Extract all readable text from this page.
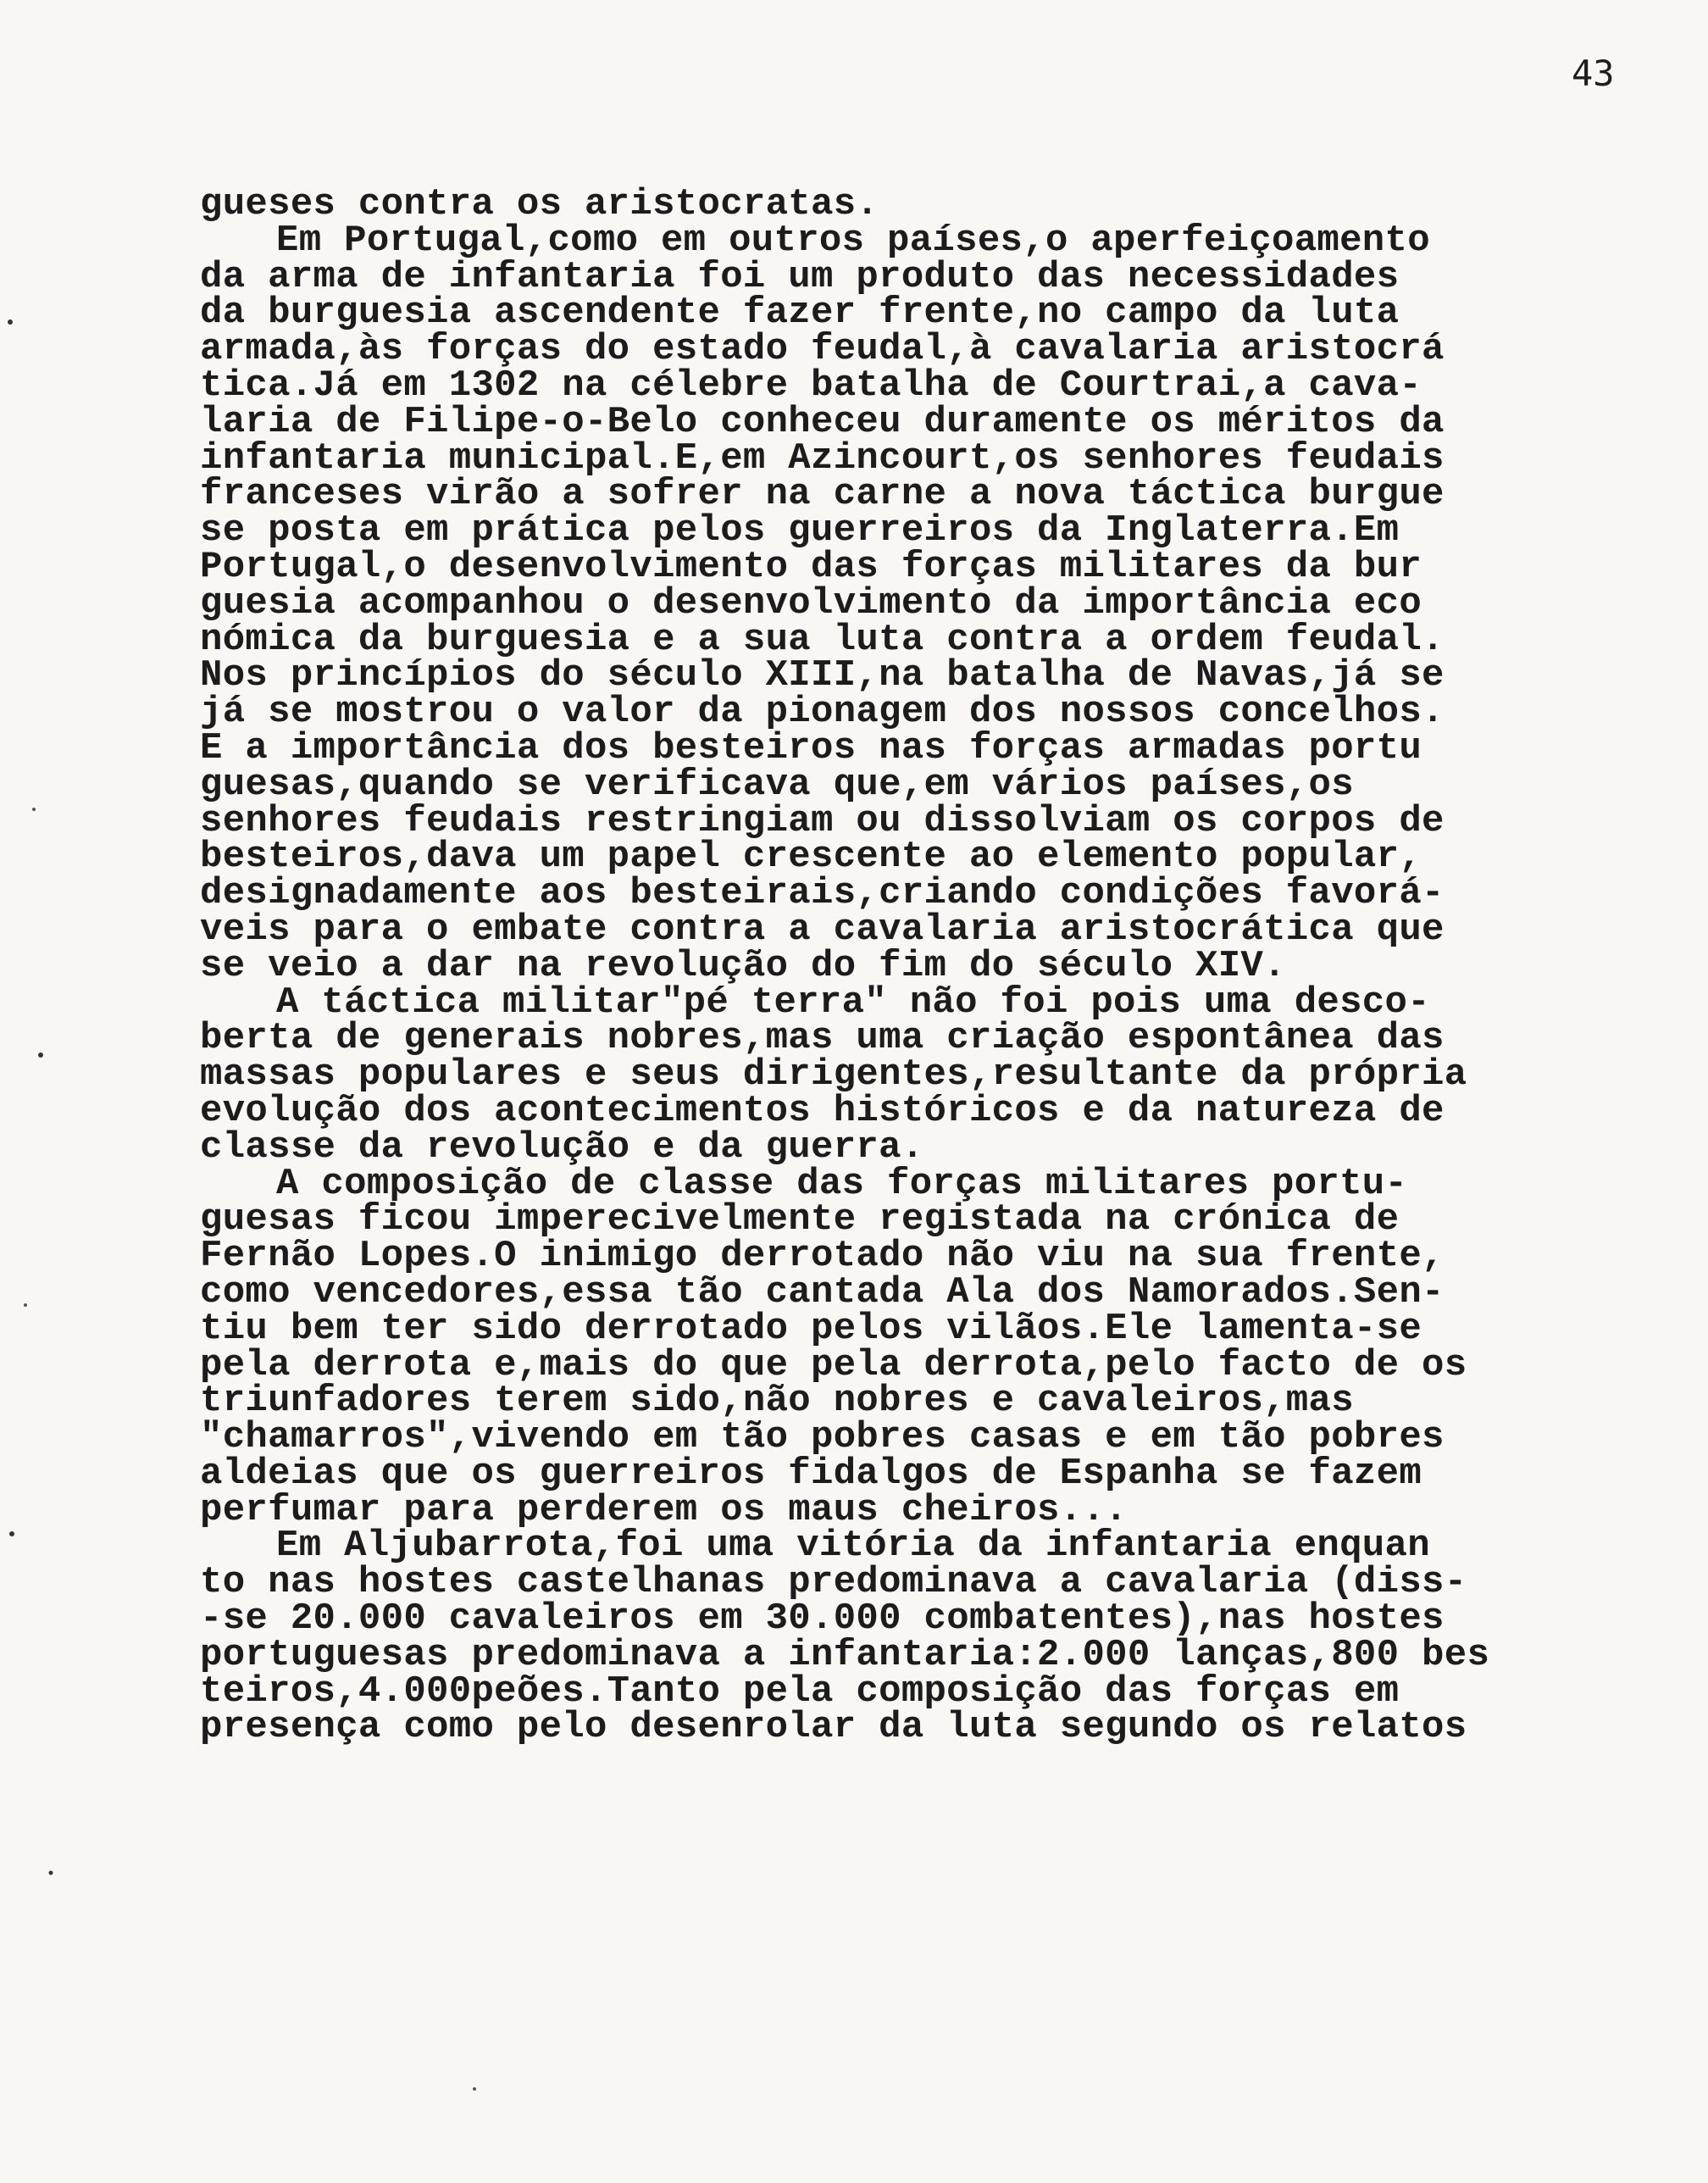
43
gueses contra os aristocratas.
Em Portugal,como em outros países,o aperfeiçoamento
da arma de infantaria foi um produto das necessidades
da burguesia ascendente fazer frente,no campo da luta
armada,às forças do estado feudal,à cavalaria aristocrá
tica.Já em 1302 na célebre batalha de Courtrai,a cava-
laria de Filipe-o-Belo conheceu duramente os méritos da
infantaria municipal.E,em Azincourt,os senhores feudais
franceses virão a sofrer na carne a nova táctica burgue
se posta em prática pelos guerreiros da Inglaterra.Em
Portugal,o desenvolvimento das forças militares da bur
guesia acompanhou o desenvolvimento da importância eco
nómica da burguesia e a sua luta contra a ordem feudal.
Nos princípios do século XIII,na batalha de Navas,já se
já se mostrou o valor da pionagem dos nossos concelhos.
E a importância dos besteiros nas forças armadas portu
guesas,quando se verificava que,em vários países,os
senhores feudais restringiam ou dissolviam os corpos de
besteiros,dava um papel crescente ao elemento popular,
designadamente aos besteirais,criando condições favorá-
veis para o embate contra a cavalaria aristocrática que
se veio a dar na revolução do fim do século XIV.
A táctica militar"pé terra" não foi pois uma desco-
berta de generais nobres,mas uma criação espontânea das
massas populares e seus dirigentes,resultante da própria
evolução dos acontecimentos históricos e da natureza de
classe da revolução e da guerra.
A composição de classe das forças militares portu-
guesas ficou imperecivelmente registada na crónica de
Fernão Lopes.O inimigo derrotado não viu na sua frente,
como vencedores,essa tão cantada Ala dos Namorados.Sen-
tiu bem ter sido derrotado pelos vilãos.Ele lamenta-se
pela derrota e,mais do que pela derrota,pelo facto de os
triunfadores terem sido,não nobres e cavaleiros,mas
"chamarros",vivendo em tão pobres casas e em tão pobres
aldeias que os guerreiros fidalgos de Espanha se fazem
perfumar para perderem os maus cheiros...
Em Aljubarrota,foi uma vitória da infantaria enquan
to nas hostes castelhanas predominava a cavalaria (diss-
-se 20.000 cavaleiros em 30.000 combatentes),nas hostes
portuguesas predominava a infantaria:2.000 lanças,800 bes
teiros,4.000peões.Tanto pela composição das forças em
presença como pelo desenrolar da luta segundo os relatos
